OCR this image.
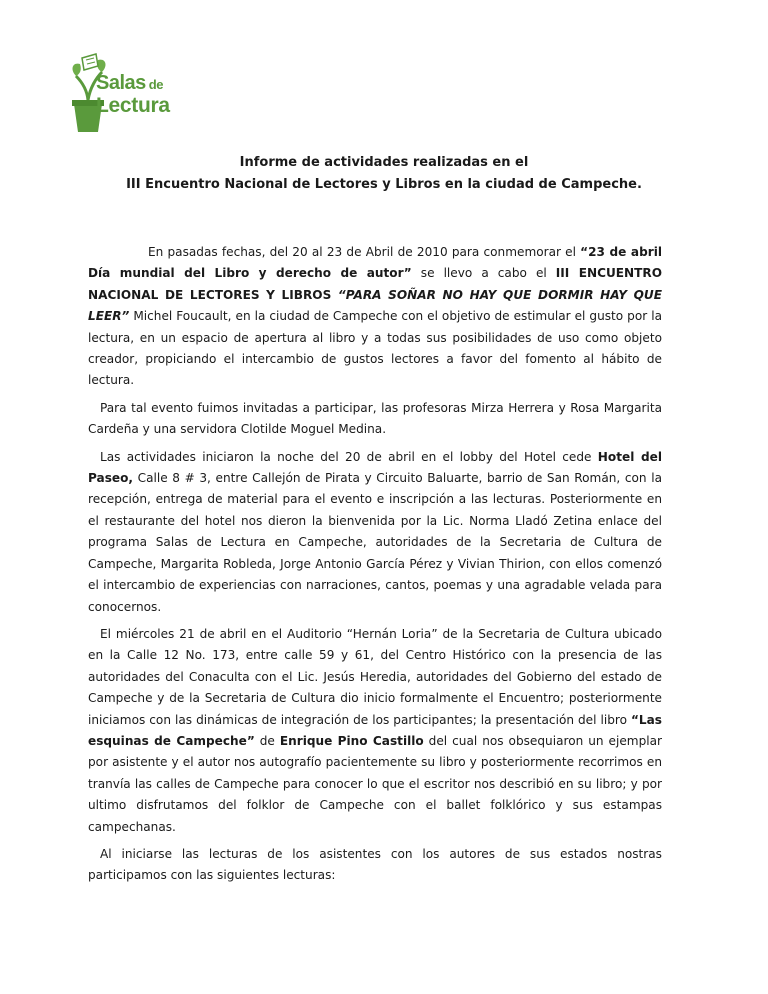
Salas de
Lectura
Informe de actividades realizadas en el
III Encuentro Nacional de Lectores y Libros en la ciudad de Campeche.

En pasadas fechas, del 20 al 23 de Abril de 2010 para conmemorar el “23 de abril Día mundial del Libro y derecho de autor” se llevo a cabo el III ENCUENTRO NACIONAL DE LECTORES Y LIBROS “PARA SOÑAR NO HAY QUE DORMIR HAY QUE LEER” Michel Foucault, en la ciudad de Campeche con el objetivo de estimular el gusto por la lectura, en un espacio de apertura al libro y a todas sus posibilidades de uso como objeto creador, propiciando el intercambio de gustos lectores a favor del fomento al hábito de lectura.

Para tal evento fuimos invitadas a participar, las profesoras Mirza Herrera y Rosa Margarita Cardeña y una servidora Clotilde Moguel Medina.

Las actividades iniciaron la noche del 20 de abril en el lobby del Hotel cede Hotel del Paseo, Calle 8 # 3, entre Callejón de Pirata y Circuito Baluarte, barrio de San Román, con la recepción, entrega de material para el evento e inscripción a las lecturas. Posteriormente en el restaurante del hotel nos dieron la bienvenida por la Lic. Norma Lladó Zetina enlace del programa Salas de Lectura en Campeche, autoridades de la Secretaria de Cultura de Campeche, Margarita Robleda, Jorge Antonio García Pérez y Vivian Thirion, con ellos comenzó el intercambio de experiencias con narraciones, cantos, poemas y una agradable velada para conocernos.

El miércoles 21 de abril en el Auditorio “Hernán Loria” de la Secretaria de Cultura ubicado en la Calle 12 No. 173, entre calle 59 y 61, del Centro Histórico con la presencia de las autoridades del Conaculta con el Lic. Jesús Heredia, autoridades del Gobierno del estado de Campeche y de la Secretaria de Cultura dio inicio formalmente el Encuentro; posteriormente iniciamos con las dinámicas de integración de los participantes; la presentación del libro “Las esquinas de Campeche” de Enrique Pino Castillo del cual nos obsequiaron un ejemplar por asistente y el autor nos autografío pacientemente su libro y posteriormente recorrimos en tranvía las calles de Campeche para conocer lo que el escritor nos describió en su libro; y por ultimo disfrutamos del folklor de Campeche con el ballet folklórico y sus estampas campechanas.

Al iniciarse las lecturas de los asistentes con los autores de sus estados nostras participamos con las siguientes lecturas:
